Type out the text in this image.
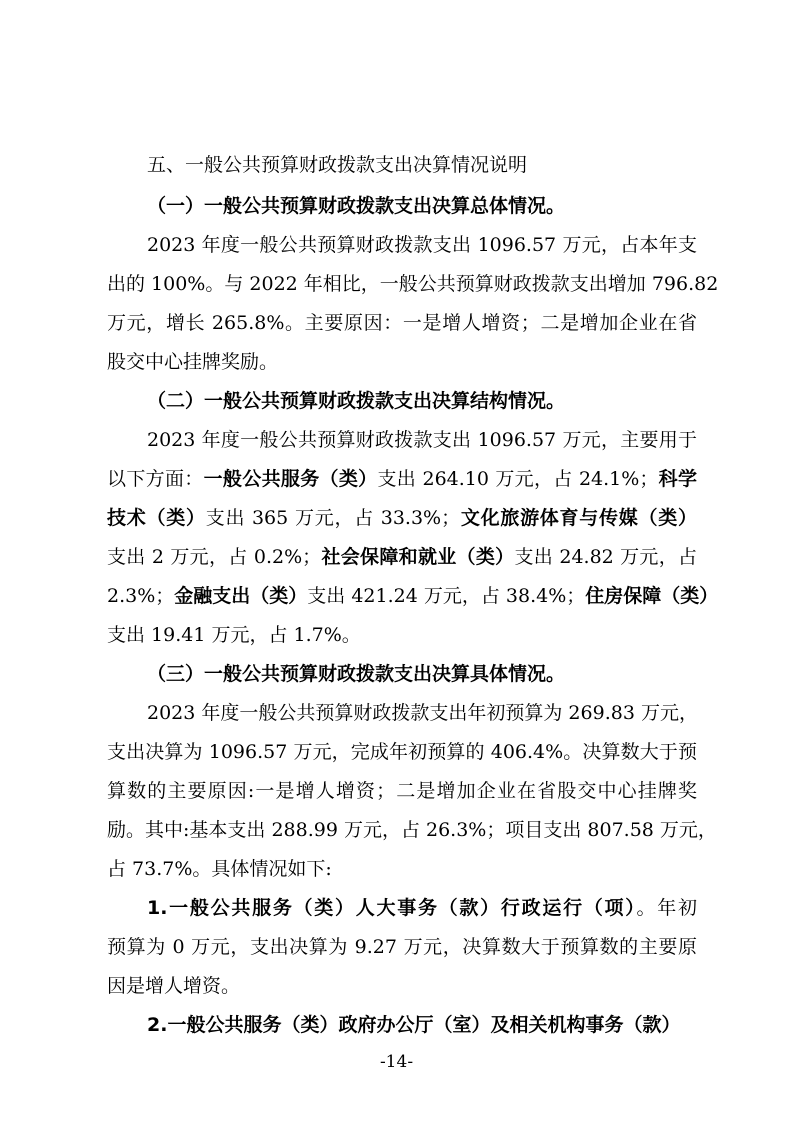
五、一般公共预算财政拨款支出决算情况说明
（一）一般公共预算财政拨款支出决算总体情况。
2023 年度一般公共预算财政拨款支出 1096.57 万元，占本年支
出的 100%。与 2022 年相比，一般公共预算财政拨款支出增加 796.82
万元，增长 265.8%。主要原因：一是增人增资；二是增加企业在省
股交中心挂牌奖励。
（二）一般公共预算财政拨款支出决算结构情况。
2023 年度一般公共预算财政拨款支出 1096.57 万元，主要用于
以下方面：一般公共服务（类）支出 264.10 万元，占 24.1%；科学
技术（类）支出 365 万元，占 33.3%；文化旅游体育与传媒（类）
支出 2 万元，占 0.2%；社会保障和就业（类）支出 24.82 万元，占
2.3%；金融支出（类）支出 421.24 万元，占 38.4%；住房保障（类）
支出 19.41 万元，占 1.7%。
（三）一般公共预算财政拨款支出决算具体情况。
2023 年度一般公共预算财政拨款支出年初预算为 269.83 万元，
支出决算为 1096.57 万元，完成年初预算的 406.4%。决算数大于预
算数的主要原因:一是增人增资；二是增加企业在省股交中心挂牌奖
励。其中:基本支出 288.99 万元，占 26.3%；项目支出 807.58 万元，
占 73.7%。具体情况如下:
1.一般公共服务（类）人大事务（款）行政运行（项）。年初
预算为 0 万元，支出决算为 9.27 万元，决算数大于预算数的主要原
因是增人增资。
2.一般公共服务（类）政府办公厅（室）及相关机构事务（款）
-14-
